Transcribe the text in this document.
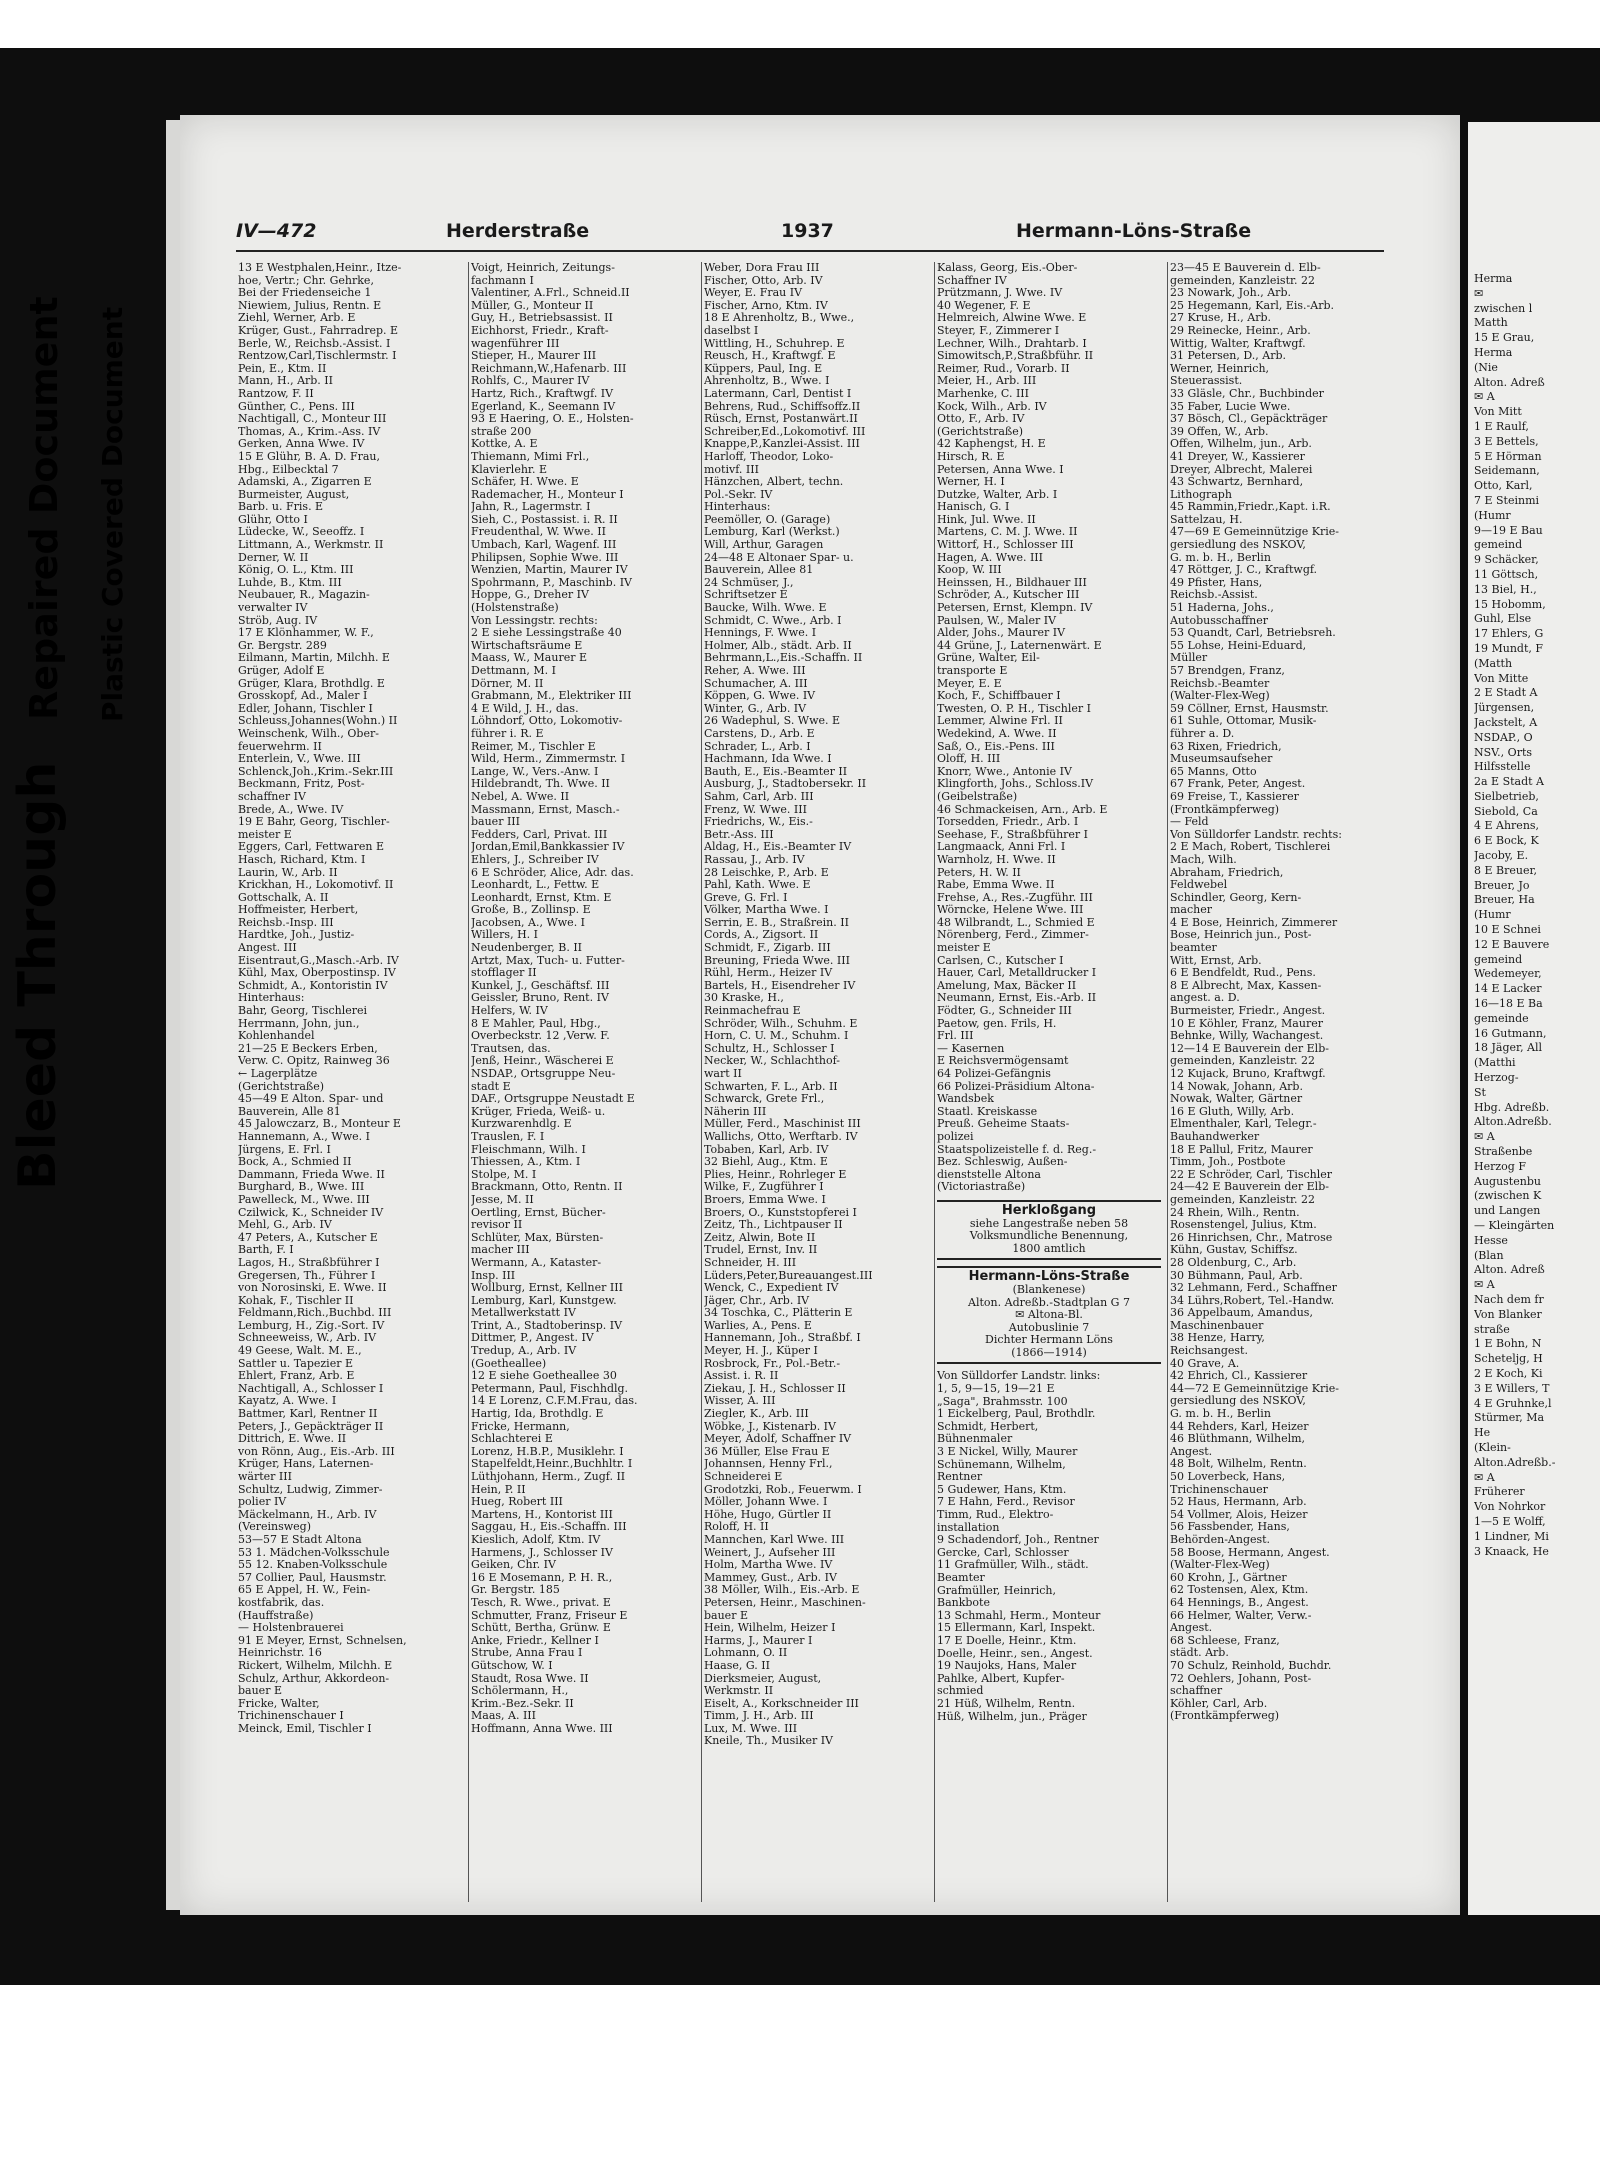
Herma
✉
zwischen l
Matth
15 E Grau,
Herma
(Nie
Alton. Adreß
✉ A
Von Mitt
1 E Raulf,
3 E Bettels,
5 E Hörman
Seidemann,
Otto, Karl,
7 E Steinmi
(Humr
9—19 E Bau
gemeind
9 Schäcker,
11 Göttsch,
13 Biel, H.,
15 Hobomm,
Guhl, Else
17 Ehlers, G
19 Mundt, F
(Matth
Von Mitte
2 E Stadt A
Jürgensen,
Jackstelt, A
NSDAP., O
NSV., Orts
Hilfsstelle
2a E Stadt A
Sielbetrieb,
Siebold, Ca
4 E Ahrens,
6 E Bock, K
Jacoby, E.
8 E Breuer,
Breuer, Jo
Breuer, Ha
(Humr
10 E Schnei
12 E Bauvere
gemeind
Wedemeyer,
14 E Lacker
16—18 E Ba
gemeinde
16 Gutmann,
18 Jäger, All
(Matthi
Herzog-
St
Hbg. Adreßb.
Alton.Adreßb.
✉ A
Straßenbe
Herzog F
Augustenbu
(zwischen K
und Langen
— Kleingärten
Hesse
(Blan
Alton. Adreß
✉ A
Nach dem fr
Von Blanker
straße
1 E Bohn, N
Scheteljg, H
2 E Koch, Ki
3 E Willers, T
4 E Gruhnke,l
Stürmer, Ma
He
(Klein-
Alton.Adreßb.-
✉ A
Früherer
Von Nohrkor
1—5 E Wolff,
1 Lindner, Mi
3 Knaack, He
Bleed Through
Repaired Document Plastic Covered Document
IV—472	Herderstraße	1937	Hermann-Löns-Straße
13 E Westphalen,Heinr., Itze-
hoe, Vertr.; Chr. Gehrke,
Bei der Friedenseiche 1
Niewiem, Julius, Rentn. E
Ziehl, Werner, Arb. E
Krüger, Gust., Fahrradrep. E
Berle, W., Reichsb.-Assist. I
Rentzow,Carl,Tischlermstr. I
Pein, E., Ktm. II
Mann, H., Arb. II
Rantzow, F. II
Günther, C., Pens. III
Nachtigall, C., Monteur III
Thomas, A., Krim.-Ass. IV
Gerken, Anna Wwe. IV
15 E Glühr, B. A. D. Frau,
Hbg., Eilbecktal 7
Adamski, A., Zigarren E
Burmeister, August,
Barb. u. Fris. E
Glühr, Otto I
Lüdecke, W., Seeoffz. I
Littmann, A., Werkmstr. II
Derner, W. II
König, O. L., Ktm. III
Luhde, B., Ktm. III
Neubauer, R., Magazin-
verwalter IV
Ströb, Aug. IV
17 E Klönhammer, W. F.,
Gr. Bergstr. 289
Eilmann, Martin, Milchh. E
Grüger, Adolf E
Grüger, Klara, Brothdlg. E
Grosskopf, Ad., Maler I
Edler, Johann, Tischler I
Schleuss,Johannes(Wohn.) II
Weinschenk, Wilh., Ober-
feuerwehrm. II
Enterlein, V., Wwe. III
Schlenck,Joh.,Krim.-Sekr.III
Beckmann, Fritz, Post-
schaffner IV
Brede, A., Wwe. IV
19 E Bahr, Georg, Tischler-
meister E
Eggers, Carl, Fettwaren E
Hasch, Richard, Ktm. I
Laurin, W., Arb. II
Krickhan, H., Lokomotivf. II
Gottschalk, A. II
Hoffmeister, Herbert,
Reichsb.-Insp. III
Hardtke, Joh., Justiz-
Angest. III
Eisentraut,G.,Masch.-Arb. IV
Kühl, Max, Oberpostinsp. IV
Schmidt, A., Kontoristin IV
Hinterhaus:
Bahr, Georg, Tischlerei
Herrmann, John, jun.,
Kohlenhandel
21—25 E Beckers Erben,
Verw. C. Opitz, Rainweg 36
← Lagerplätze
(Gerichtstraße)
45—49 E Alton. Spar- und
Bauverein, Alle 81
45 Jalowczarz, B., Monteur E
Hannemann, A., Wwe. I
Jürgens, E. Frl. I
Bock, A., Schmied II
Dammann, Frieda Wwe. II
Burghard, B., Wwe. III
Pawelleck, M., Wwe. III
Czilwick, K., Schneider IV
Mehl, G., Arb. IV
47 Peters, A., Kutscher E
Barth, F. I
Lagos, H., Straßbführer I
Gregersen, Th., Führer I
von Norosinski, E. Wwe. II
Kohak, F., Tischler II
Feldmann,Rich.,Buchbd. III
Lemburg, H., Zig.-Sort. IV
Schneeweiss, W., Arb. IV
49 Geese, Walt. M. E.,
Sattler u. Tapezier E
Ehlert, Franz, Arb. E
Nachtigall, A., Schlosser I
Kayatz, A. Wwe. I
Battmer, Karl, Rentner II
Peters, J., Gepäckträger II
Dittrich, E. Wwe. II
von Rönn, Aug., Eis.-Arb. III
Krüger, Hans, Laternen-
wärter III
Schultz, Ludwig, Zimmer-
polier IV
Mäckelmann, H., Arb. IV
(Vereinsweg)
53—57 E Stadt Altona
53 1. Mädchen-Volksschule
55 12. Knaben-Volksschule
57 Collier, Paul, Hausmstr.
65 E Appel, H. W., Fein-
kostfabrik, das.
(Hauffstraße)
— Holstenbrauerei
91 E Meyer, Ernst, Schnelsen,
Heinrichstr. 16
Rickert, Wilhelm, Milchh. E
Schulz, Arthur, Akkordeon-
bauer E
Fricke, Walter,
Trichinenschauer I
Meinck, Emil, Tischler I
Voigt, Heinrich, Zeitungs-
fachmann I
Valentiner, A.Frl., Schneid.II
Müller, G., Monteur II
Guy, H., Betriebsassist. II
Eichhorst, Friedr., Kraft-
wagenführer III
Stieper, H., Maurer III
Reichmann,W.,Hafenarb. III
Rohlfs, C., Maurer IV
Hartz, Rich., Kraftwgf. IV
Egerland, K., Seemann IV
93 E Haering, O. E., Holsten-
straße 200
Kottke, A. E
Thiemann, Mimi Frl.,
Klavierlehr. E
Schäfer, H. Wwe. E
Rademacher, H., Monteur I
Jahn, R., Lagermstr. I
Sieh, C., Postassist. i. R. II
Freudenthal, W. Wwe. II
Umbach, Karl, Wagenf. III
Philipsen, Sophie Wwe. III
Wenzien, Martin, Maurer IV
Spohrmann, P., Maschinb. IV
Hoppe, G., Dreher IV
(Holstenstraße)
Von Lessingstr. rechts:
2 E siehe Lessingstraße 40
Wirtschaftsräume E
Maass, W., Maurer E
Dettmann, M. I
Dörner, M. II
Grabmann, M., Elektriker III
4 E Wild, J. H., das.
Löhndorf, Otto, Lokomotiv-
führer i. R. E
Reimer, M., Tischler E
Wild, Herm., Zimmermstr. I
Lange, W., Vers.-Anw. I
Hildebrandt, Th. Wwe. II
Nebel, A. Wwe. II
Massmann, Ernst, Masch.-
bauer III
Fedders, Carl, Privat. III
Jordan,Emil,Bankkassier IV
Ehlers, J., Schreiber IV
6 E Schröder, Alice, Adr. das.
Leonhardt, L., Fettw. E
Leonhardt, Ernst, Ktm. E
Große, B., Zollinsp. E
Jacobsen, A., Wwe. I
Willers, H. I
Neudenberger, B. II
Artzt, Max, Tuch- u. Futter-
stofflager II
Kunkel, J., Geschäftsf. III
Geissler, Bruno, Rent. IV
Helfers, W. IV
8 E Mahler, Paul, Hbg.,
Overbeckstr. 12 ,Verw. F.
Trautsen, das.
Jenß, Heinr., Wäscherei E
NSDAP., Ortsgruppe Neu-
stadt E
DAF., Ortsgruppe Neustadt E
Krüger, Frieda, Weiß- u.
Kurzwarenhdlg. E
Trauslen, F. I
Fleischmann, Wilh. I
Thiessen, A., Ktm. I
Stolpe, M. I
Brackmann, Otto, Rentn. II
Jesse, M. II
Oertling, Ernst, Bücher-
revisor II
Schlüter, Max, Bürsten-
macher III
Wermann, A., Kataster-
Insp. III
Wollburg, Ernst, Kellner III
Lemburg, Karl, Kunstgew.
Metallwerkstatt IV
Trint, A., Stadtoberinsp. IV
Dittmer, P., Angest. IV
Tredup, A., Arb. IV
(Goetheallee)
12 E siehe Goetheallee 30
Petermann, Paul, Fischhdlg.
14 E Lorenz, C.F.M.Frau, das.
Hartig, Ida, Brothdlg. E
Fricke, Hermann,
Schlachterei E
Lorenz, H.B.P., Musiklehr. I
Stapelfeldt,Heinr.,Buchhltr. I
Lüthjohann, Herm., Zugf. II
Hein, P. II
Hueg, Robert III
Martens, H., Kontorist III
Saggau, H., Eis.-Schaffn. III
Kieslich, Adolf, Ktm. IV
Harmens, J., Schlosser IV
Geiken, Chr. IV
16 E Mosemann, P. H. R.,
Gr. Bergstr. 185
Tesch, R. Wwe., privat. E
Schmutter, Franz, Friseur E
Schütt, Bertha, Grünw. E
Anke, Friedr., Kellner I
Strube, Anna Frau I
Gütschow, W. I
Staudt, Rosa Wwe. II
Schölermann, H.,
Krim.-Bez.-Sekr. II
Maas, A. III
Hoffmann, Anna Wwe. III
Weber, Dora Frau III
Fischer, Otto, Arb. IV
Weyer, E. Frau IV
Fischer, Arno, Ktm. IV
18 E Ahrenholtz, B., Wwe.,
daselbst I
Wittling, H., Schuhrep. E
Reusch, H., Kraftwgf. E
Küppers, Paul, Ing. E
Ahrenholtz, B., Wwe. I
Latermann, Carl, Dentist I
Behrens, Rud., Schiffsoffz.II
Rüsch, Ernst, Postanwärt.II
Schreiber,Ed.,Lokomotivf. III
Knappe,P.,Kanzlei-Assist. III
Harloff, Theodor, Loko-
motivf. III
Hänzchen, Albert, techn.
Pol.-Sekr. IV
Hinterhaus:
Peemöller, O. (Garage)
Lemburg, Karl (Werkst.)
Will, Arthur, Garagen
24—48 E Altonaer Spar- u.
Bauverein, Allee 81
24 Schmüser, J.,
Schriftsetzer E
Baucke, Wilh. Wwe. E
Schmidt, C. Wwe., Arb. I
Hennings, F. Wwe. I
Holmer, Alb., städt. Arb. II
Behrmann,L.,Eis.-Schaffn. II
Reher, A. Wwe. III
Schumacher, A. III
Köppen, G. Wwe. IV
Winter, G., Arb. IV
26 Wadephul, S. Wwe. E
Carstens, D., Arb. E
Schrader, L., Arb. I
Hachmann, Ida Wwe. I
Bauth, E., Eis.-Beamter II
Ausburg, J., Stadtobersekr. II
Sahm, Carl, Arb. III
Frenz, W. Wwe. III
Friedrichs, W., Eis.-
Betr.-Ass. III
Aldag, H., Eis.-Beamter IV
Rassau, J., Arb. IV
28 Leischke, P., Arb. E
Pahl, Kath. Wwe. E
Greve, G. Frl. I
Völker, Martha Wwe. I
Serrin, E. B., Straßrein. II
Cords, A., Zigsort. II
Schmidt, F., Zigarb. III
Breuning, Frieda Wwe. III
Rühl, Herm., Heizer IV
Bartels, H., Eisendreher IV
30 Kraske, H.,
Reinmachefrau E
Schröder, Wilh., Schuhm. E
Horn, C. U. M., Schuhm. I
Schultz, H., Schlosser I
Necker, W., Schlachthof-
wart II
Schwarten, F. L., Arb. II
Schwarck, Grete Frl.,
Näherin III
Müller, Ferd., Maschinist III
Wallichs, Otto, Werftarb. IV
Tobaben, Karl, Arb. IV
32 Biehl, Aug., Ktm. E
Plies, Heinr., Rohrleger E
Wilke, F., Zugführer I
Broers, Emma Wwe. I
Broers, O., Kunststopferei I
Zeitz, Th., Lichtpauser II
Zeitz, Alwin, Bote II
Trudel, Ernst, Inv. II
Schneider, H. III
Lüders,Peter,Bureauangest.III
Wenck, C., Expedient IV
Jäger, Chr., Arb. IV
34 Toschka, C., Plätterin E
Warlies, A., Pens. E
Hannemann, Joh., Straßbf. I
Meyer, H. J., Küper I
Rosbrock, Fr., Pol.-Betr.-
Assist. i. R. II
Ziekau, J. H., Schlosser II
Wisser, A. III
Ziegler, K., Arb. III
Wöbke, J., Kistenarb. IV
Meyer, Adolf, Schaffner IV
36 Müller, Else Frau E
Johannsen, Henny Frl.,
Schneiderei E
Grodotzki, Rob., Feuerwm. I
Möller, Johann Wwe. I
Höhe, Hugo, Gürtler II
Roloff, H. II
Mannchen, Karl Wwe. III
Weinert, J., Aufseher III
Holm, Martha Wwe. IV
Mammey, Gust., Arb. IV
38 Möller, Wilh., Eis.-Arb. E
Petersen, Heinr., Maschinen-
bauer E
Hein, Wilhelm, Heizer I
Harms, J., Maurer I
Lohmann, O. II
Haase, G. II
Dierksmeier, August,
Werkmstr. II
Eiselt, A., Korkschneider III
Timm, J. H., Arb. III
Lux, M. Wwe. III
Kneile, Th., Musiker IV
Kalass, Georg, Eis.-Ober-
Schaffner IV
Prützmann, J. Wwe. IV
40 Wegener, F. E
Helmreich, Alwine Wwe. E
Steyer, F., Zimmerer I
Lechner, Wilh., Drahtarb. I
Simowitsch,P.,Straßbführ. II
Reimer, Rud., Vorarb. II
Meier, H., Arb. III
Marhenke, C. III
Kock, Wilh., Arb. IV
Otto, F., Arb. IV
(Gerichtstraße)
42 Kaphengst, H. E
Hirsch, R. E
Petersen, Anna Wwe. I
Werner, H. I
Dutzke, Walter, Arb. I
Hanisch, G. I
Hink, Jul. Wwe. II
Martens, C. M. J. Wwe. II
Wittorf, H., Schlosser III
Hagen, A. Wwe. III
Koop, W. III
Heinssen, H., Bildhauer III
Schröder, A., Kutscher III
Petersen, Ernst, Klempn. IV
Paulsen, W., Maler IV
Alder, Johs., Maurer IV
44 Grüne, J., Laternenwärt. E
Grüne, Walter, Eil-
transporte E
Meyer, E. E
Koch, F., Schiffbauer I
Twesten, O. P. H., Tischler I
Lemmer, Alwine Frl. II
Wedekind, A. Wwe. II
Saß, O., Eis.-Pens. III
Oloff, H. III
Knorr, Wwe., Antonie IV
Klingforth, Johs., Schloss.IV
(Geibelstraße)
46 Schmackeisen, Arn., Arb. E
Torsedden, Friedr., Arb. I
Seehase, F., Straßbführer I
Langmaack, Anni Frl. I
Warnholz, H. Wwe. II
Peters, H. W. II
Rabe, Emma Wwe. II
Frehse, A., Res.-Zugführ. III
Wörncke, Helene Wwe. III
48 Wilbrandt, L., Schmied E
Nörenberg, Ferd., Zimmer-
meister E
Carlsen, C., Kutscher I
Hauer, Carl, Metalldrucker I
Amelung, Max, Bäcker II
Neumann, Ernst, Eis.-Arb. II
Födter, G., Schneider III
Paetow, gen. Frils, H.
Frl. III
— Kasernen
E Reichsvermögensamt
64 Polizei-Gefängnis
66 Polizei-Präsidium Altona-
Wandsbek
Staatl. Kreiskasse
Preuß. Geheime Staats-
polizei
Staatspolizeistelle f. d. Reg.-
Bez. Schleswig, Außen-
dienststelle Altona
(Victoriastraße)
Herkloßgang
siehe Langestraße neben 58
Volksmundliche Benennung,
1800 amtlich
Hermann-Löns-Straße
(Blankenese)
Alton. Adreßb.-Stadtplan G 7
✉ Altona-Bl.
Autobuslinie 7
Dichter Hermann Löns
(1866—1914)
Von Sülldorfer Landstr. links:
1, 5, 9—15, 19—21 E
„Saga", Brahmsstr. 100
1 Eickelberg, Paul, Brothdlr.
Schmidt, Herbert,
Bühnenmaler
3 E Nickel, Willy, Maurer
Schünemann, Wilhelm,
Rentner
5 Gudewer, Hans, Ktm.
7 E Hahn, Ferd., Revisor
Timm, Rud., Elektro-
installation
9 Schadendorf, Joh., Rentner
Gercke, Carl, Schlosser
11 Grafmüller, Wilh., städt.
Beamter
Grafmüller, Heinrich,
Bankbote
13 Schmahl, Herm., Monteur
15 Ellermann, Karl, Inspekt.
17 E Doelle, Heinr., Ktm.
Doelle, Heinr., sen., Angest.
19 Naujoks, Hans, Maler
Pahlke, Albert, Kupfer-
schmied
21 Hüß, Wilhelm, Rentn.
Hüß, Wilhelm, jun., Präger
23—45 E Bauverein d. Elb-
gemeinden, Kanzleistr. 22
23 Nowark, Joh., Arb.
25 Hegemann, Karl, Eis.-Arb.
27 Kruse, H., Arb.
29 Reinecke, Heinr., Arb.
Wittig, Walter, Kraftwgf.
31 Petersen, D., Arb.
Werner, Heinrich,
Steuerassist.
33 Gläsle, Chr., Buchbinder
35 Faber, Lucie Wwe.
37 Bösch, Cl., Gepäckträger
39 Offen, W., Arb.
Offen, Wilhelm, jun., Arb.
41 Dreyer, W., Kassierer
Dreyer, Albrecht, Malerei
43 Schwartz, Bernhard,
Lithograph
45 Rammin,Friedr.,Kapt. i.R.
Sattelzau, H.
47—69 E Gemeinnützige Krie-
gersiedlung des NSKOV,
G. m. b. H., Berlin
47 Röttger, J. C., Kraftwgf.
49 Pfister, Hans,
Reichsb.-Assist.
51 Haderna, Johs.,
Autobusschaffner
53 Quandt, Carl, Betriebsreh.
55 Lohse, Heini-Eduard,
Müller
57 Brendgen, Franz,
Reichsb.-Beamter
(Walter-Flex-Weg)
59 Cöllner, Ernst, Hausmstr.
61 Suhle, Ottomar, Musik-
führer a. D.
63 Rixen, Friedrich,
Museumsaufseher
65 Manns, Otto
67 Frank, Peter, Angest.
69 Freise, T., Kassierer
(Frontkämpferweg)
— Feld
Von Sülldorfer Landstr. rechts:
2 E Mach, Robert, Tischlerei
Mach, Wilh.
Abraham, Friedrich,
Feldwebel
Schindler, Georg, Kern-
macher
4 E Bose, Heinrich, Zimmerer
Bose, Heinrich jun., Post-
beamter
Witt, Ernst, Arb.
6 E Bendfeldt, Rud., Pens.
8 E Albrecht, Max, Kassen-
angest. a. D.
Burmeister, Friedr., Angest.
10 E Köhler, Franz, Maurer
Behnke, Willy, Wachangest.
12—14 E Bauverein der Elb-
gemeinden, Kanzleistr. 22
12 Kujack, Bruno, Kraftwgf.
14 Nowak, Johann, Arb.
Nowak, Walter, Gärtner
16 E Gluth, Willy, Arb.
Elmenthaler, Karl, Telegr.-
Bauhandwerker
18 E Pallul, Fritz, Maurer
Timm, Joh., Postbote
22 E Schröder, Carl, Tischler
24—42 E Bauverein der Elb-
gemeinden, Kanzleistr. 22
24 Rhein, Wilh., Rentn.
Rosenstengel, Julius, Ktm.
26 Hinrichsen, Chr., Matrose
Kühn, Gustav, Schiffsz.
28 Oldenburg, C., Arb.
30 Bühmann, Paul, Arb.
32 Lehmann, Ferd., Schaffner
34 Lührs,Robert, Tel.-Handw.
36 Appelbaum, Amandus,
Maschinenbauer
38 Henze, Harry,
Reichsangest.
40 Grave, A.
42 Ehrich, Cl., Kassierer
44—72 E Gemeinnützige Krie-
gersiedlung des NSKOV,
G. m. b. H., Berlin
44 Rehders, Karl, Heizer
46 Blüthmann, Wilhelm,
Angest.
48 Bolt, Wilhelm, Rentn.
50 Loverbeck, Hans,
Trichinenschauer
52 Haus, Hermann, Arb.
54 Vollmer, Alois, Heizer
56 Fassbender, Hans,
Behörden-Angest.
58 Boose, Hermann, Angest.
(Walter-Flex-Weg)
60 Krohn, J., Gärtner
62 Tostensen, Alex, Ktm.
64 Hennings, B., Angest.
66 Helmer, Walter, Verw.-
Angest.
68 Schleese, Franz,
städt. Arb.
70 Schulz, Reinhold, Buchdr.
72 Oehlers, Johann, Post-
schaffner
Köhler, Carl, Arb.
(Frontkämpferweg)
